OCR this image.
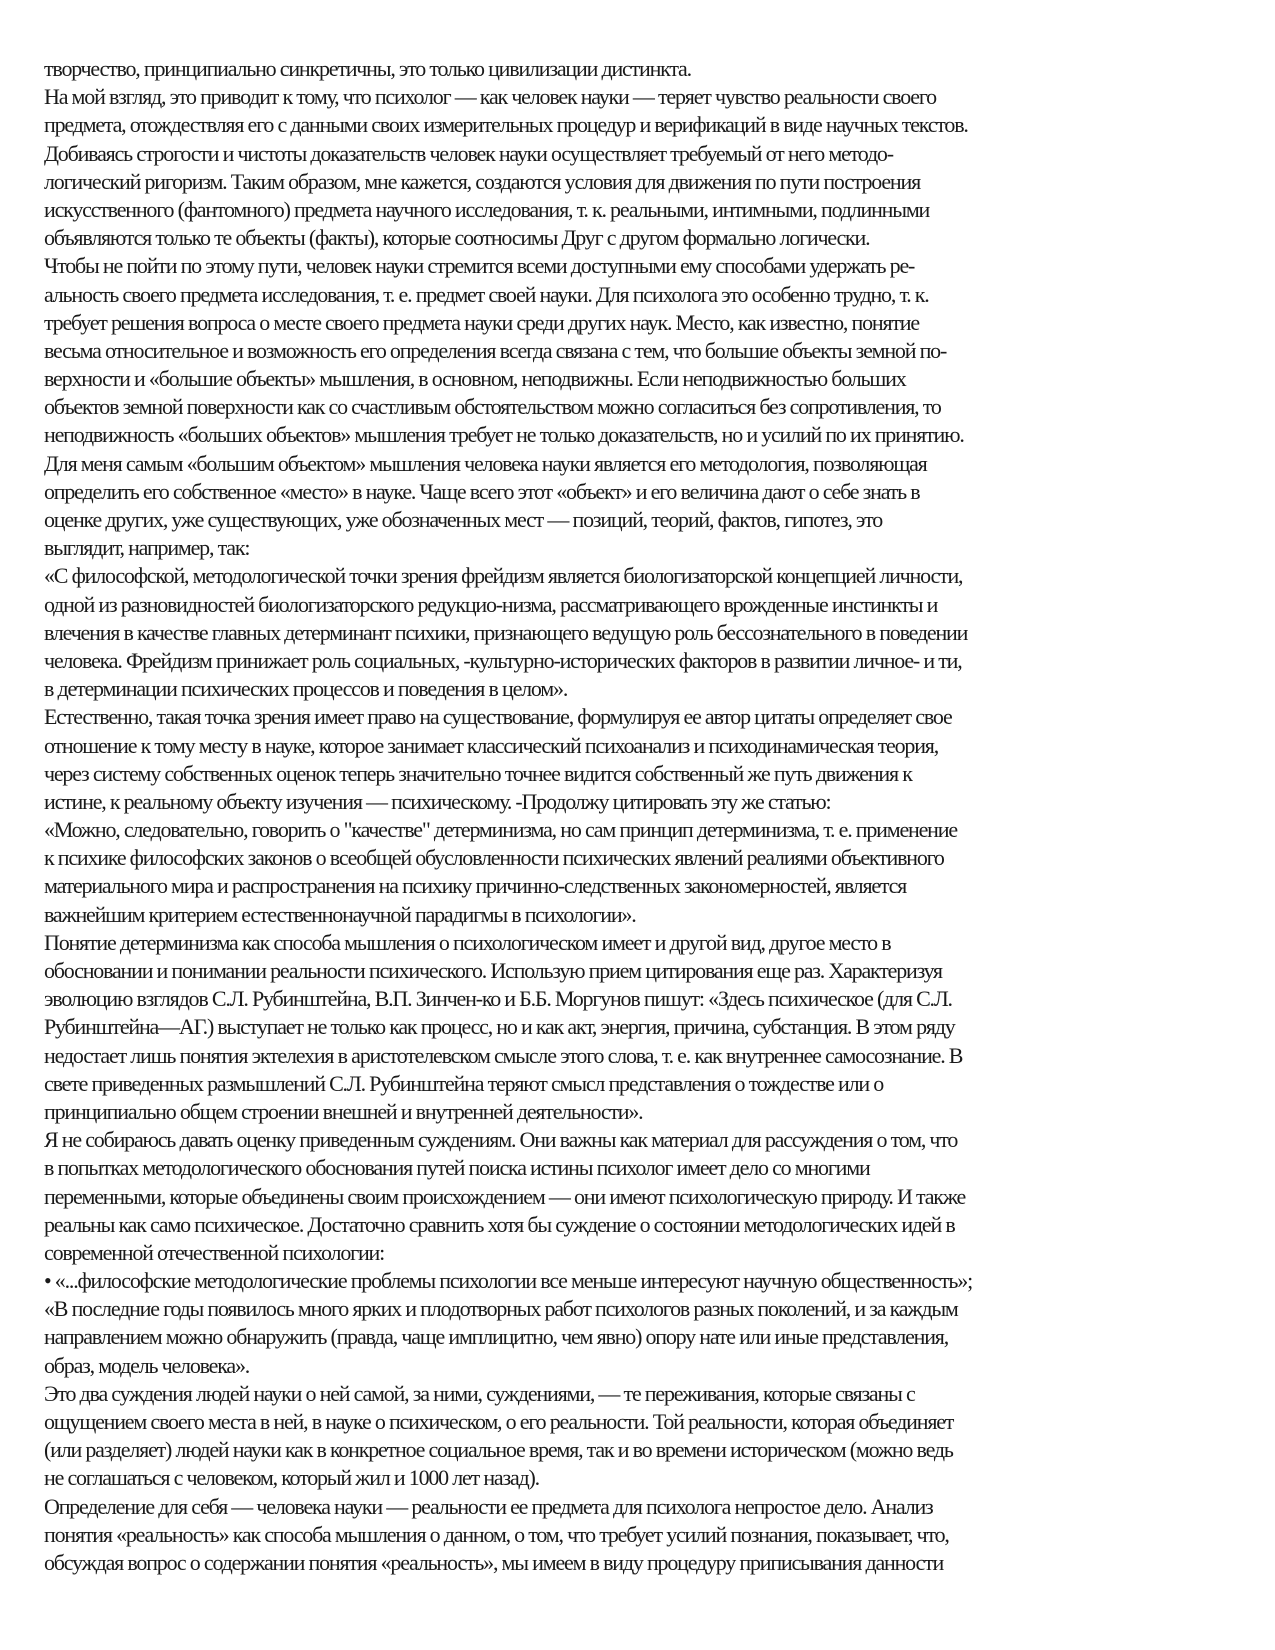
творчество, принципиально синкретичны, это только цивилизации дистинкта.
На мой взгляд, это приводит к тому, что психолог — как человек науки — теряет чувство реальности своего
предмета, отождествляя его с данными своих измерительных процедур и верификаций в виде научных текстов.
Добиваясь строгости и чистоты доказательств человек науки осуществляет требуемый от него методо-
логический ригоризм. Таким образом, мне кажется, создаются условия для движения по пути построения
искусственного (фантомного) предмета научного исследования, т. к. реальными, интимными, подлинными
объявляются только те объекты (факты), которые соотносимы Друг с другом формально логически.
Чтобы не пойти по этому пути, человек науки стремится всеми доступными ему способами удержать ре-
альность своего предмета исследования, т. е. предмет своей науки. Для психолога это особенно трудно, т. к.
требует решения вопроса о месте своего предмета науки среди других наук. Место, как известно, понятие
весьма относительное и возможность его определения всегда связана с тем, что большие объекты земной по-
верхности и «большие объекты» мышления, в основном, неподвижны. Если неподвижностью больших
объектов земной поверхности как со счастливым обстоятельством можно согласиться без сопротивления, то
неподвижность «больших объектов» мышления требует не только доказательств, но и усилий по их принятию.
Для меня самым «большим объектом» мышления человека науки является его методология, позволяющая
определить его собственное «место» в науке. Чаще всего этот «объект» и его величина дают о себе знать в
оценке других, уже существующих, уже обозначенных мест — позиций, теорий, фактов, гипотез, это
выглядит, например, так:
«С философской, методологической точки зрения фрейдизм является биологизаторской концепцией личности,
одной из разновидностей биологизаторского редукцио-низма, рассматривающего врожденные инстинкты и
влечения в качестве главных детерминант психики, признающего ведущую роль бессознательного в поведении
человека. Фрейдизм принижает роль социальных, -культурно-исторических факторов в развитии личное- и ти,
в детерминации психических процессов и поведения в целом».
Естественно, такая точка зрения имеет право на существование, формулируя ее автор цитаты определяет свое
отношение к тому месту в науке, которое занимает классический психоанализ и психодинамическая теория,
через систему собственных оценок теперь значительно точнее видится собственный же путь движения к
истине, к реальному объекту изучения — психическому. -Продолжу цитировать эту же статью:
«Можно, следовательно, говорить о "качестве" детерминизма, но сам принцип детерминизма, т. е. применение
к психике философских законов о всеобщей обусловленности психических явлений реалиями объективного
материального мира и распространения на психику причинно-следственных закономерностей, является
важнейшим критерием естественнонаучной парадигмы в психологии».
Понятие детерминизма как способа мышления о психологическом имеет и другой вид, другое место в
обосновании и понимании реальности психического. Использую прием цитирования еще раз. Характеризуя
эволюцию взглядов С.Л. Рубинштейна, В.П. Зинчен-ко и Б.Б. Моргунов пишут: «Здесь психическое (для С.Л.
Рубинштейна—АГ.) выступает не только как процесс, но и как акт, энергия, причина, субстанция. В этом ряду
недостает лишь понятия эктелехия в аристотелевском смысле этого слова, т. е. как внутреннее самосознание. В
свете приведенных размышлений С.Л. Рубинштейна теряют смысл представления о тождестве или о
принципиально общем строении внешней и внутренней деятельности».
Я не собираюсь давать оценку приведенным суждениям. Они важны как материал для рассуждения о том, что
в попытках методологического обоснования путей поиска истины психолог имеет дело со многими
переменными, которые объединены своим происхождением — они имеют психологическую природу. И также
реальны как само психическое. Достаточно сравнить хотя бы суждение о состоянии методологических идей в
современной отечественной психологии:
• «...философские методологические проблемы психологии все меньше интересуют научную общественность»;
«В последние годы появилось много ярких и плодотворных работ психологов разных поколений, и за каждым
направлением можно обнаружить (правда, чаще имплицитно, чем явно) опору нате или иные представления,
образ, модель человека».
Это два суждения людей науки о ней самой, за ними, суждениями, — те переживания, которые связаны с
ощущением своего места в ней, в науке о психическом, о его реальности. Той реальности, которая объединяет
(или разделяет) людей науки как в конкретное социальное время, так и во времени историческом (можно ведь
не соглашаться с человеком, который жил и 1000 лет назад).
Определение для себя — человека науки — реальности ее предмета для психолога непростое дело. Анализ
понятия «реальность» как способа мышления о данном, о том, что требует усилий познания, показывает, что,
обсуждая вопрос о содержании понятия «реальность», мы имеем в виду процедуру приписывания данности
